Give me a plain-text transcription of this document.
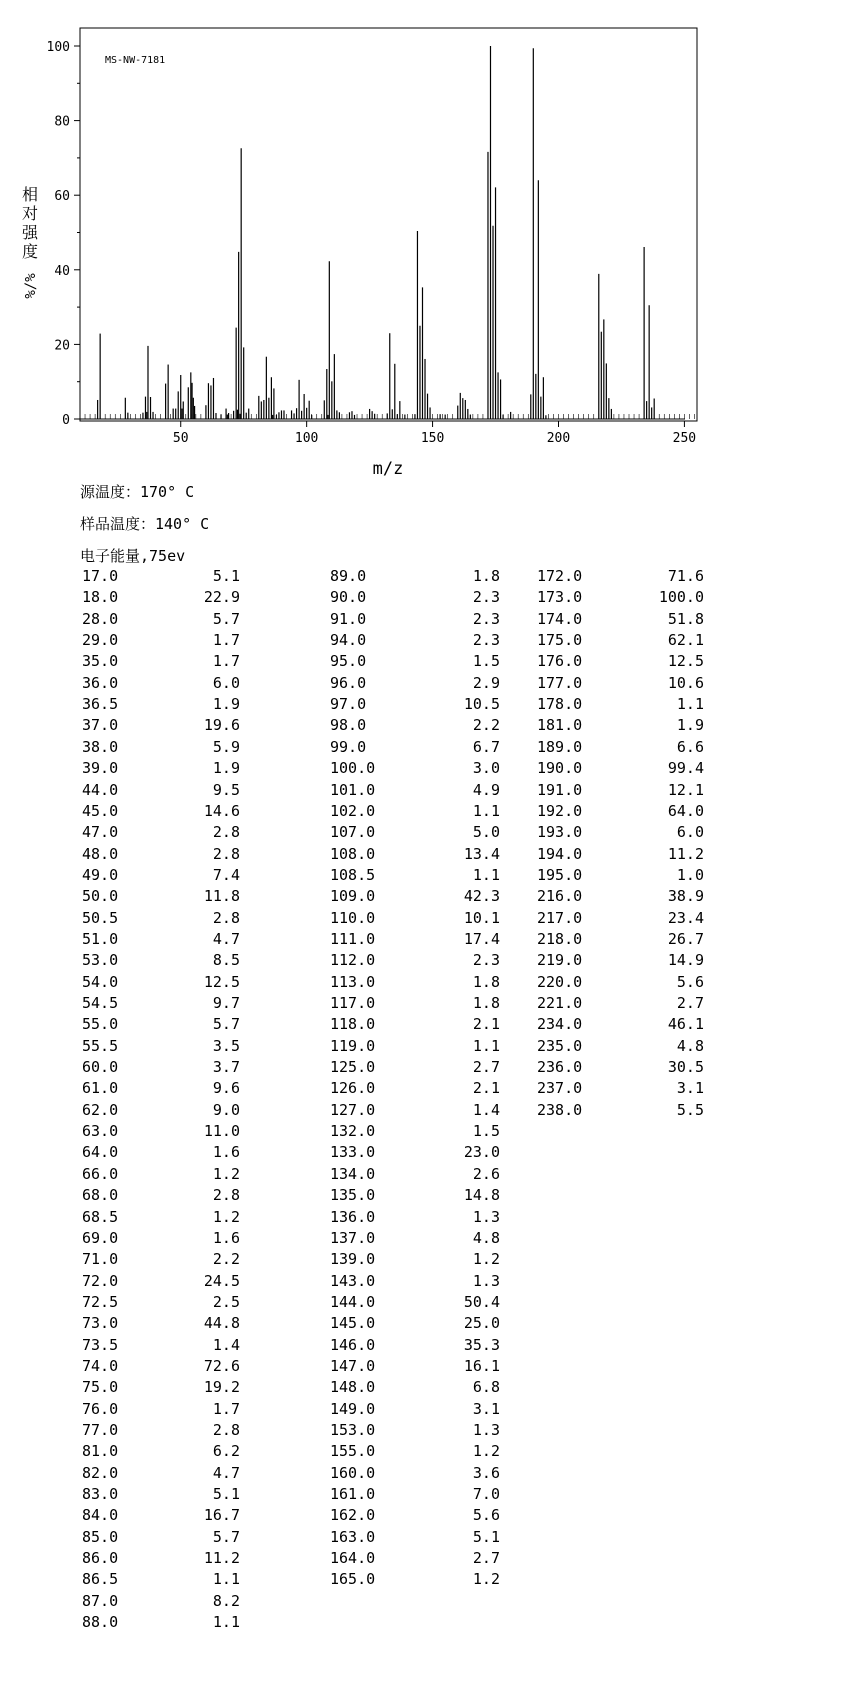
0
20
40
60
80
100
50	100	150	200	250
MS-NW-7181
m/z
相
对
强
度
%/%
源温度：170° C
样品温度：140° C
电子能量,75ev
17.0	5.1
18.0	22.9
28.0	5.7
29.0	1.7
35.0	1.7
36.0	6.0
36.5	1.9
37.0	19.6
38.0	5.9
39.0	1.9
44.0	9.5
45.0	14.6
47.0	2.8
48.0	2.8
49.0	7.4
50.0	11.8
50.5	2.8
51.0	4.7
53.0	8.5
54.0	12.5
54.5	9.7
55.0	5.7
55.5	3.5
60.0	3.7
61.0	9.6
62.0	9.0
63.0	11.0
64.0	1.6
66.0	1.2
68.0	2.8
68.5	1.2
69.0	1.6
71.0	2.2
72.0	24.5
72.5	2.5
73.0	44.8
73.5	1.4
74.0	72.6
75.0	19.2
76.0	1.7
77.0	2.8
81.0	6.2
82.0	4.7
83.0	5.1
84.0	16.7
85.0	5.7
86.0	11.2
86.5	1.1
87.0	8.2
88.0	1.1
89.0	1.8
90.0	2.3
91.0	2.3
94.0	2.3
95.0	1.5
96.0	2.9
97.0	10.5
98.0	2.2
99.0	6.7
100.0	3.0
101.0	4.9
102.0	1.1
107.0	5.0
108.0	13.4
108.5	1.1
109.0	42.3
110.0	10.1
111.0	17.4
112.0	2.3
113.0	1.8
117.0	1.8
118.0	2.1
119.0	1.1
125.0	2.7
126.0	2.1
127.0	1.4
132.0	1.5
133.0	23.0
134.0	2.6
135.0	14.8
136.0	1.3
137.0	4.8
139.0	1.2
143.0	1.3
144.0	50.4
145.0	25.0
146.0	35.3
147.0	16.1
148.0	6.8
149.0	3.1
153.0	1.3
155.0	1.2
160.0	3.6
161.0	7.0
162.0	5.6
163.0	5.1
164.0	2.7
165.0	1.2
172.0	71.6
173.0	100.0
174.0	51.8
175.0	62.1
176.0	12.5
177.0	10.6
178.0	1.1
181.0	1.9
189.0	6.6
190.0	99.4
191.0	12.1
192.0	64.0
193.0	6.0
194.0	11.2
195.0	1.0
216.0	38.9
217.0	23.4
218.0	26.7
219.0	14.9
220.0	5.6
221.0	2.7
234.0	46.1
235.0	4.8
236.0	30.5
237.0	3.1
238.0	5.5
